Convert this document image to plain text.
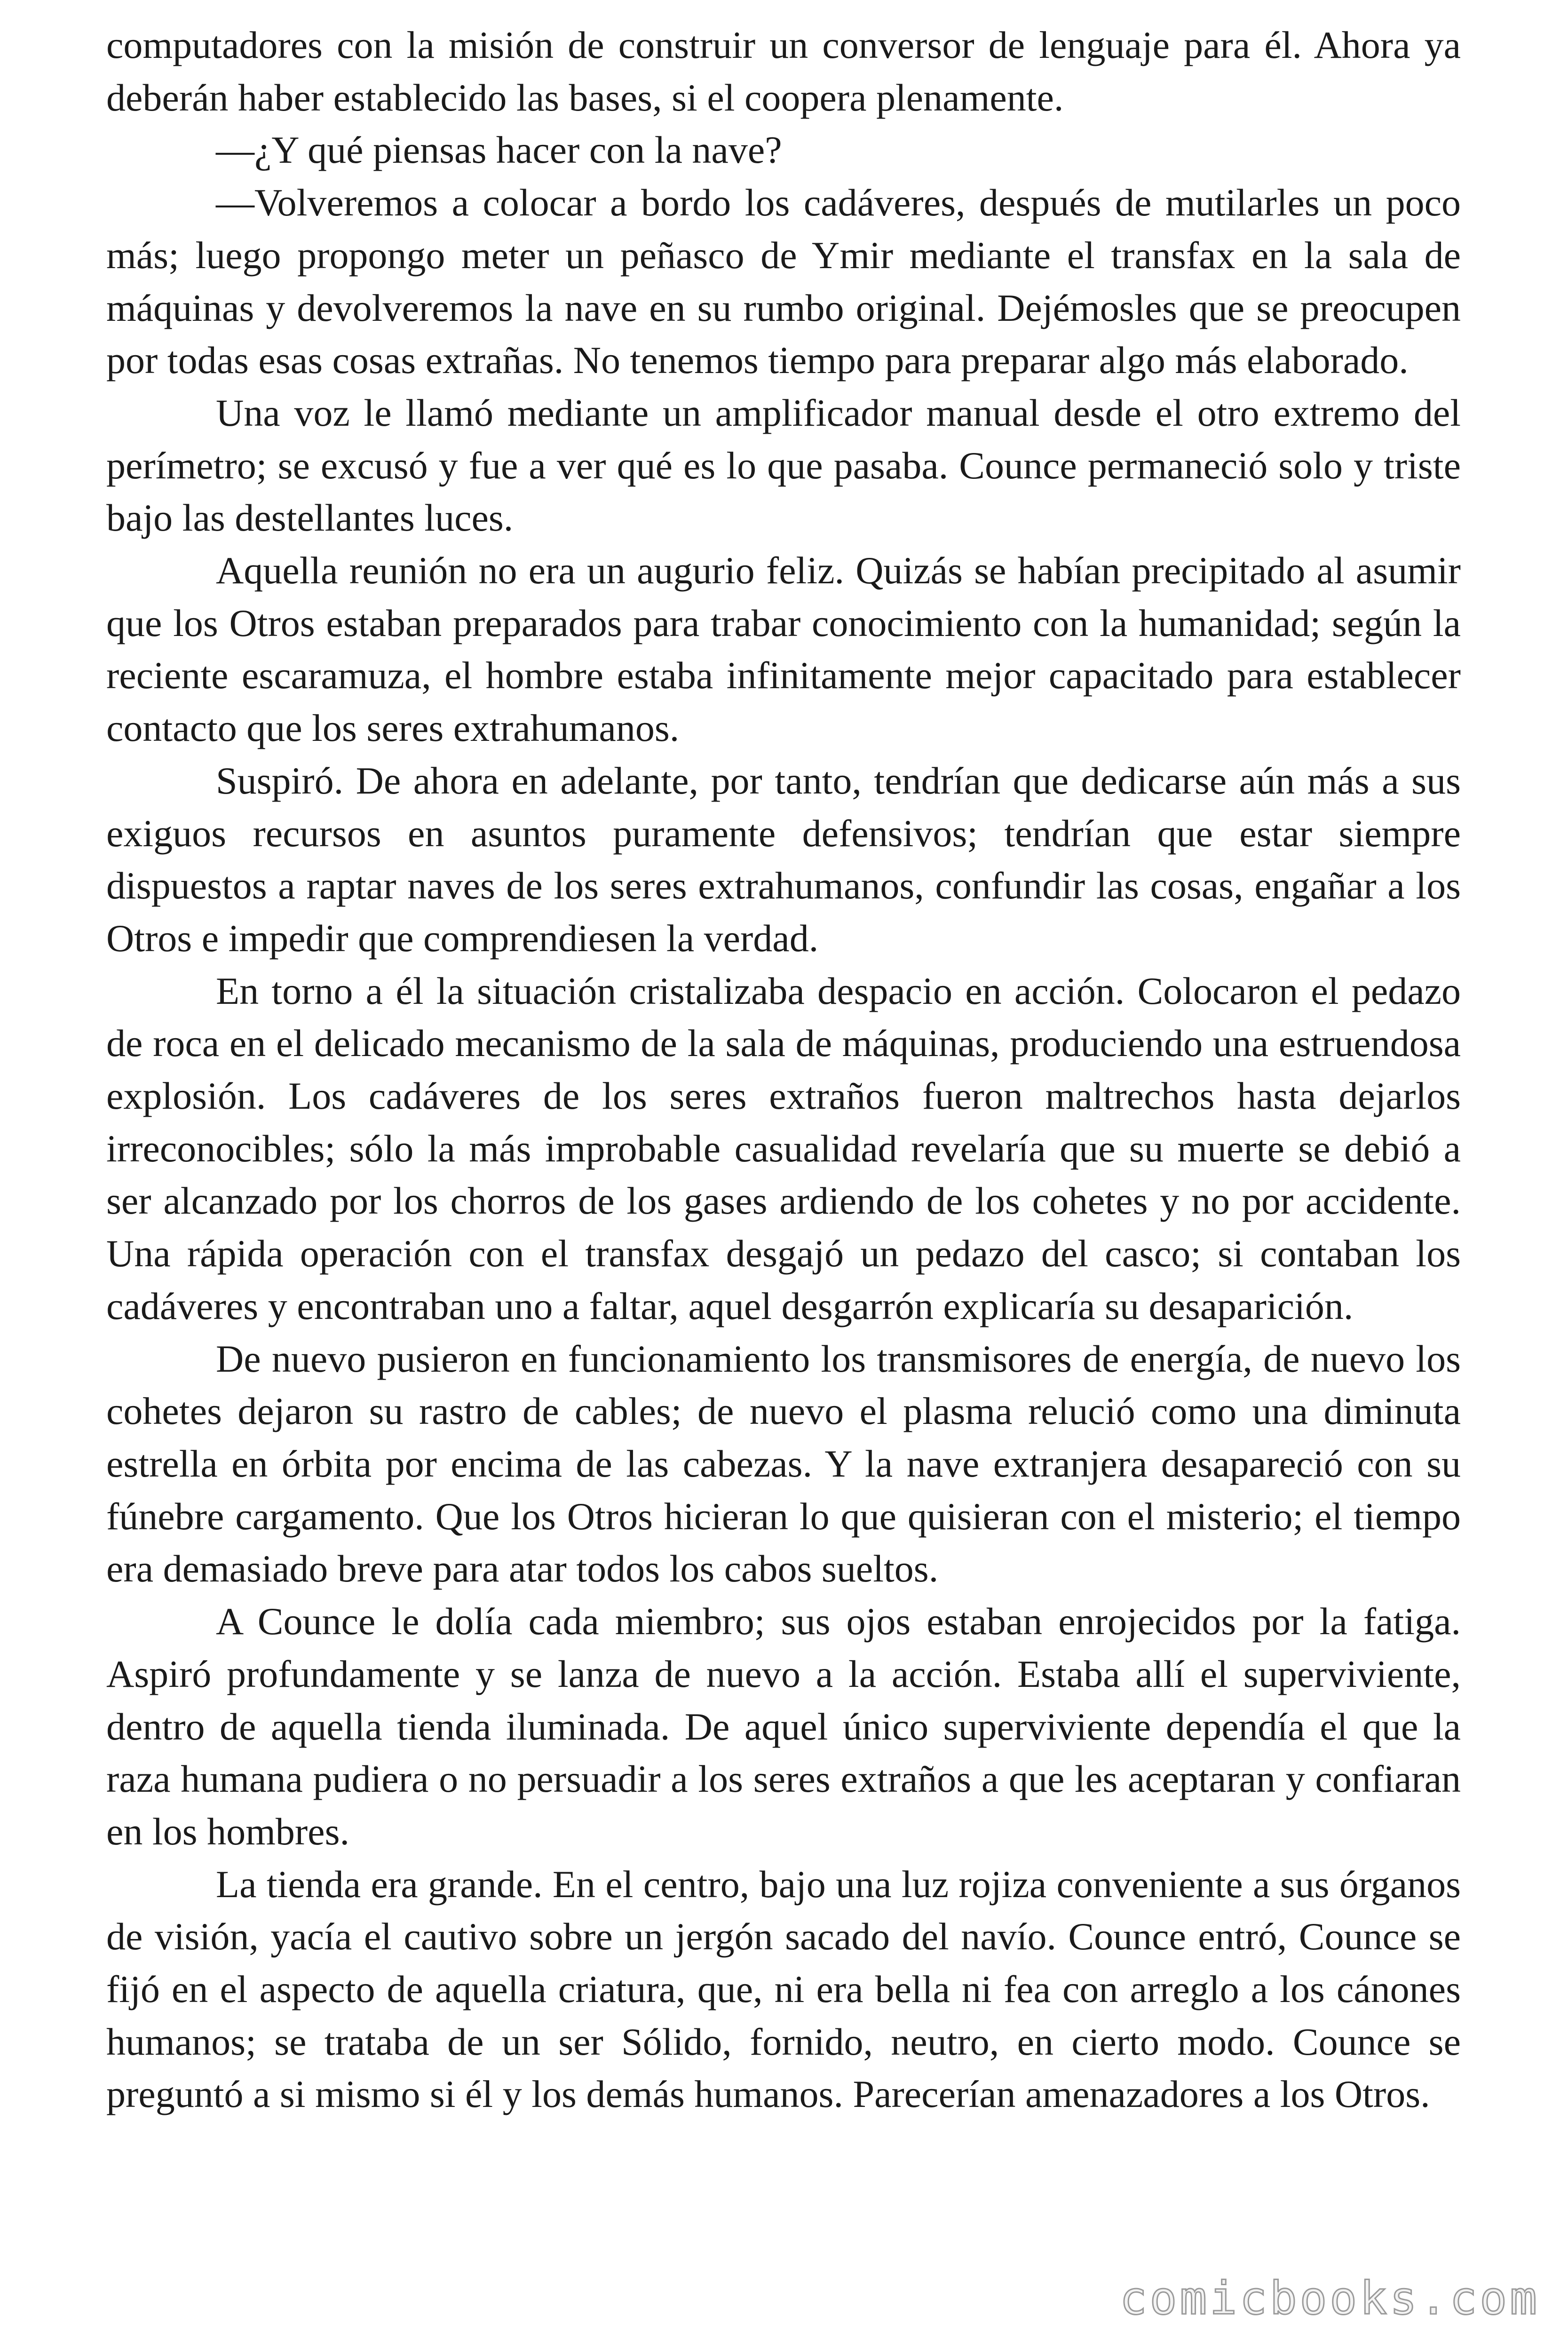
computadores con la misión de construir un conversor de lenguaje para él. Ahora ya deberán haber establecido las bases, si el coopera plenamente.

—¿Y qué piensas hacer con la nave?

—Volveremos a colocar a bordo los cadáveres, después de mutilarles un poco más; luego propongo meter un peñasco de Ymir mediante el transfax en la sala de máquinas y devolveremos la nave en su rumbo original. Dejémosles que se preocupen por todas esas cosas extrañas. No tenemos tiempo para preparar algo más elaborado.

Una voz le llamó mediante un amplificador manual desde el otro extremo del perímetro; se excusó y fue a ver qué es lo que pasaba. Counce permaneció solo y triste bajo las destellantes luces.

Aquella reunión no era un augurio feliz. Quizás se habían precipitado al asumir que los Otros estaban preparados para trabar conocimiento con la humanidad; según la reciente escaramuza, el hombre estaba infinitamente mejor capacitado para establecer contacto que los seres extrahumanos.

Suspiró. De ahora en adelante, por tanto, tendrían que dedicarse aún más a sus exiguos recursos en asuntos puramente defensivos; tendrían que estar siempre dispuestos a raptar naves de los seres extrahumanos, confundir las cosas, engañar a los Otros e impedir que comprendiesen la verdad.

En torno a él la situación cristalizaba despacio en acción. Colocaron el pedazo de roca en el delicado mecanismo de la sala de máquinas, produciendo una estruendosa explosión. Los cadáveres de los seres extraños fueron maltrechos hasta dejarlos irreconocibles; sólo la más improbable casualidad revelaría que su muerte se debió a ser alcanzado por los chorros de los gases ardiendo de los cohetes y no por accidente. Una rápida operación con el transfax desgajó un pedazo del casco; si contaban los cadáveres y encontraban uno a faltar, aquel desgarrón explicaría su desaparición.

De nuevo pusieron en funcionamiento los transmisores de energía, de nuevo los cohetes dejaron su rastro de cables; de nuevo el plasma relució como una diminuta estrella en órbita por encima de las cabezas. Y la nave extranjera desapareció con su fúnebre cargamento. Que los Otros hicieran lo que quisieran con el misterio; el tiempo era demasiado breve para atar todos los cabos sueltos.

A Counce le dolía cada miembro; sus ojos estaban enrojecidos por la fatiga. Aspiró profundamente y se lanza de nuevo a la acción. Estaba allí el superviviente, dentro de aquella tienda iluminada. De aquel único superviviente dependía el que la raza humana pudiera o no persuadir a los seres extraños a que les aceptaran y confiaran en los hombres.

La tienda era grande. En el centro, bajo una luz rojiza conveniente a sus órganos de visión, yacía el cautivo sobre un jergón sacado del navío. Counce entró, Counce se fijó en el aspecto de aquella criatura, que, ni era bella ni fea con arreglo a los cánones humanos; se trataba de un ser Sólido, fornido, neutro, en cierto modo. Counce se preguntó a si mismo si él y los demás humanos. Parecerían amenazadores a los Otros.

comicbooks.com
